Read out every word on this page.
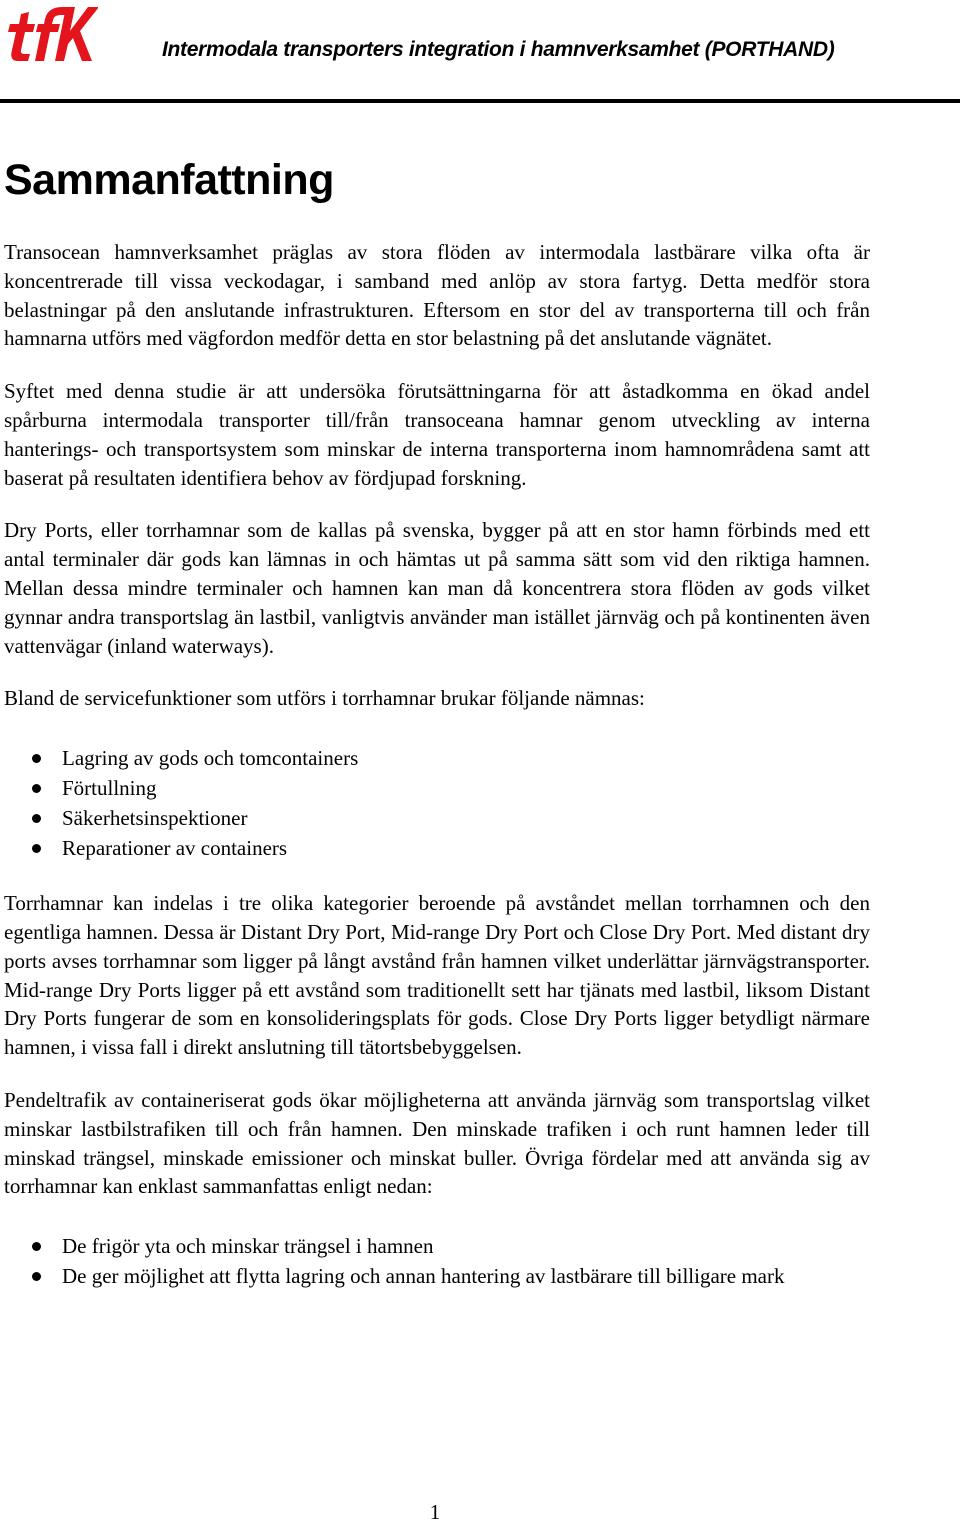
Intermodala transporters integration i hamnverksamhet (PORTHAND)
Sammanfattning

Transocean hamnverksamhet präglas av stora flöden av intermodala lastbärare vilka ofta är koncentrerade till vissa veckodagar, i samband med anlöp av stora fartyg. Detta medför stora belastningar på den anslutande infrastrukturen. Eftersom en stor del av transporterna till och från hamnarna utförs med vägfordon medför detta en stor belastning på det anslutande vägnätet.

Syftet med denna studie är att undersöka förutsättningarna för att åstadkomma en ökad andel spårburna intermodala transporter till/från transoceana hamnar genom utveckling av interna hanterings- och transportsystem som minskar de interna transporterna inom hamnområdena samt att baserat på resultaten identifiera behov av fördjupad forskning.

Dry Ports, eller torrhamnar som de kallas på svenska, bygger på att en stor hamn förbinds med ett antal terminaler där gods kan lämnas in och hämtas ut på samma sätt som vid den riktiga hamnen. Mellan dessa mindre terminaler och hamnen kan man då koncentrera stora flöden av gods vilket gynnar andra transportslag än lastbil, vanligtvis använder man istället järnväg och på kontinenten även vattenvägar (inland waterways).

Bland de servicefunktioner som utförs i torrhamnar brukar följande nämnas:

Lagring av gods och tomcontainers
Förtullning
Säkerhetsinspektioner
Reparationer av containers

Torrhamnar kan indelas i tre olika kategorier beroende på avståndet mellan torrhamnen och den egentliga hamnen. Dessa är Distant Dry Port, Mid-range Dry Port och Close Dry Port. Med distant dry ports avses torrhamnar som ligger på långt avstånd från hamnen vilket underlättar järnvägstransporter. Mid-range Dry Ports ligger på ett avstånd som traditionellt sett har tjänats med lastbil, liksom Distant Dry Ports fungerar de som en konsolideringsplats för gods. Close Dry Ports ligger betydligt närmare hamnen, i vissa fall i direkt anslutning till tätortsbebyggelsen.

Pendeltrafik av containeriserat gods ökar möjligheterna att använda järnväg som transportslag vilket minskar lastbilstrafiken till och från hamnen. Den minskade trafiken i och runt hamnen leder till minskad trängsel, minskade emissioner och minskat buller. Övriga fördelar med att använda sig av torrhamnar kan enklast sammanfattas enligt nedan:

De frigör yta och minskar trängsel i hamnen
De ger möjlighet att flytta lagring och annan hantering av lastbärare till billigare mark
1
